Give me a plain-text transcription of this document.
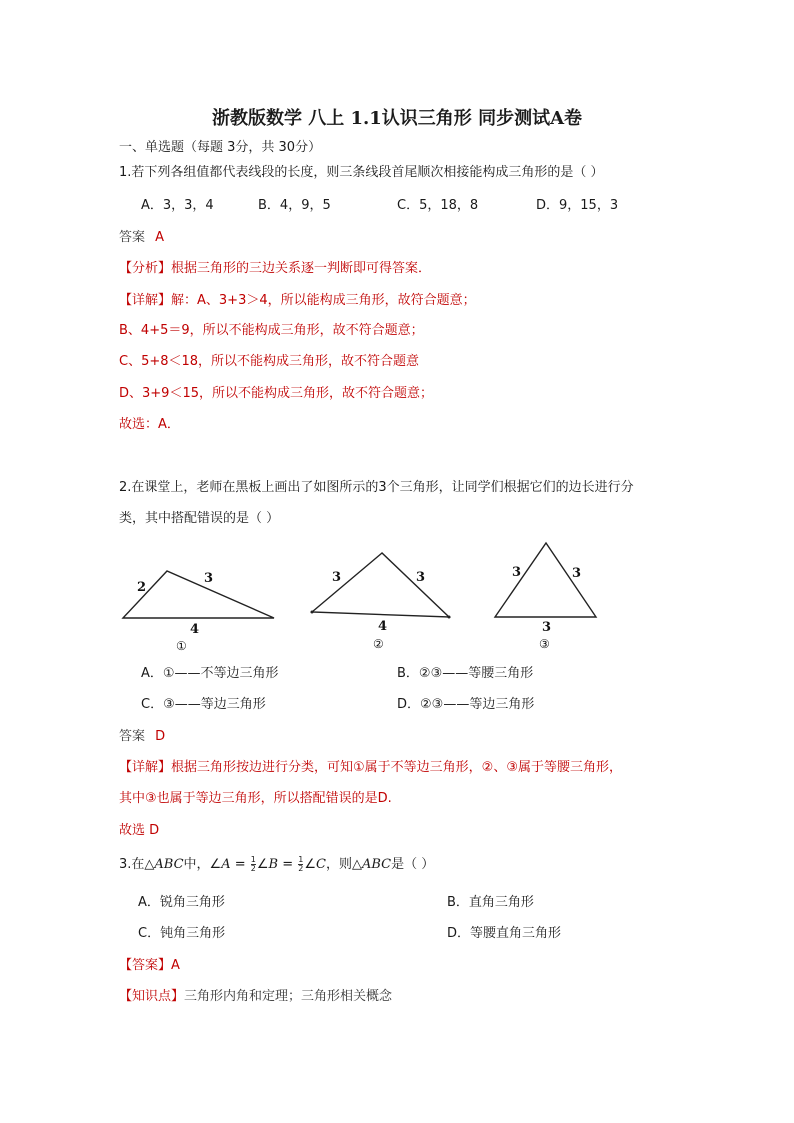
浙教版数学 八上 1.1认识三角形 同步测试A卷
一、单选题（每题 3分，共 30分）
1.若下列各组值都代表线段的长度，则三条线段首尾顺次相接能构成三角形的是（ ）
A．3，3，4	B．4，9，5	C．5，18，8	D．9，15，3
答案 A
【分析】根据三角形的三边关系逐一判断即可得答案．
【详解】解：A、3+3＞4，所以能构成三角形，故符合题意；
B、4+5＝9，所以不能构成三角形，故不符合题意；
C、5+8＜18，所以不能构成三角形，故不符合题意
D、3+9＜15，所以不能构成三角形，故不符合题意；
故选：A．
2.在课堂上，老师在黑板上画出了如图所示的3个三角形，让同学们根据它们的边长进行分
类，其中搭配错误的是（ ）
2
3
4
①
3	3
4
②
3	3
3
③
A．①——不等边三角形	B．②③——等腰三角形
C．③——等边三角形	D．②③——等边三角形
答案 D
【详解】根据三角形按边进行分类，可知①属于不等边三角形，②、③属于等腰三角形，
其中③也属于等边三角形，所以搭配错误的是D.
故选 D
3.在△ABC中，∠A = $\frac{1}{2}$ ∠B = $\frac{1}{2}$ ∠C，则△ABC是（ ）
A．锐角三角形	B．直角三角形
C．钝角三角形	D．等腰直角三角形
【答案】A
【知识点】三角形内角和定理；三角形相关概念
